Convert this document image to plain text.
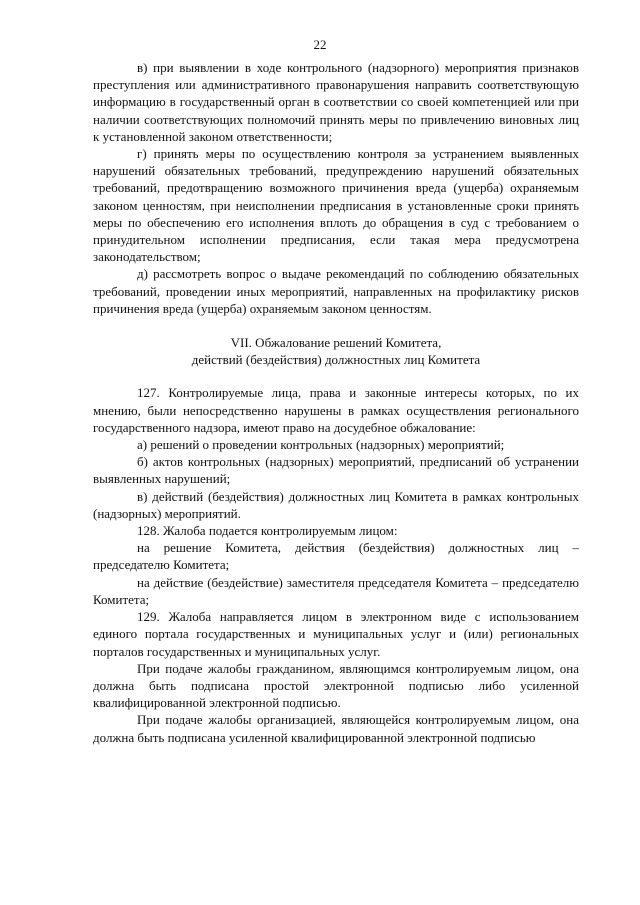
22

в) при выявлении в ходе контрольного (надзорного) мероприятия признаков преступления или административного правонарушения направить соответствующую информацию в государственный орган в соответствии со своей компетенцией или при наличии соответствующих полномочий принять меры по привлечению виновных лиц к установленной законом ответственности;

г) принять меры по осуществлению контроля за устранением выявленных нарушений обязательных требований, предупреждению нарушений обязательных требований, предотвращению возможного причинения вреда (ущерба) охраняемым законом ценностям, при неисполнении предписания в установленные сроки принять меры по обеспечению его исполнения вплоть до обращения в суд с требованием о принудительном исполнении предписания, если такая мера предусмотрена законодательством;

д) рассмотреть вопрос о выдаче рекомендаций по соблюдению обязательных требований, проведении иных мероприятий, направленных на профилактику рисков причинения вреда (ущерба) охраняемым законом ценностям.

VII. Обжалование решений Комитета,
действий (бездействия) должностных лиц Комитета

127. Контролируемые лица, права и законные интересы которых, по их мнению, были непосредственно нарушены в рамках осуществления регионального государственного надзора, имеют право на досудебное обжалование:

а) решений о проведении контрольных (надзорных) мероприятий;

б) актов контрольных (надзорных) мероприятий, предписаний об устранении выявленных нарушений;

в) действий (бездействия) должностных лиц Комитета в рамках контрольных (надзорных) мероприятий.

128. Жалоба подается контролируемым лицом:

на решение Комитета, действия (бездействия) должностных лиц – председателю Комитета;

на действие (бездействие) заместителя председателя Комитета – председателю Комитета;

129. Жалоба направляется лицом в электронном виде с использованием единого портала государственных и муниципальных услуг и (или) региональных порталов государственных и муниципальных услуг.

При подаче жалобы гражданином, являющимся контролируемым лицом, она должна быть подписана простой электронной подписью либо усиленной квалифицированной электронной подписью.

При подаче жалобы организацией, являющейся контролируемым лицом, она должна быть подписана усиленной квалифицированной электронной подписью
